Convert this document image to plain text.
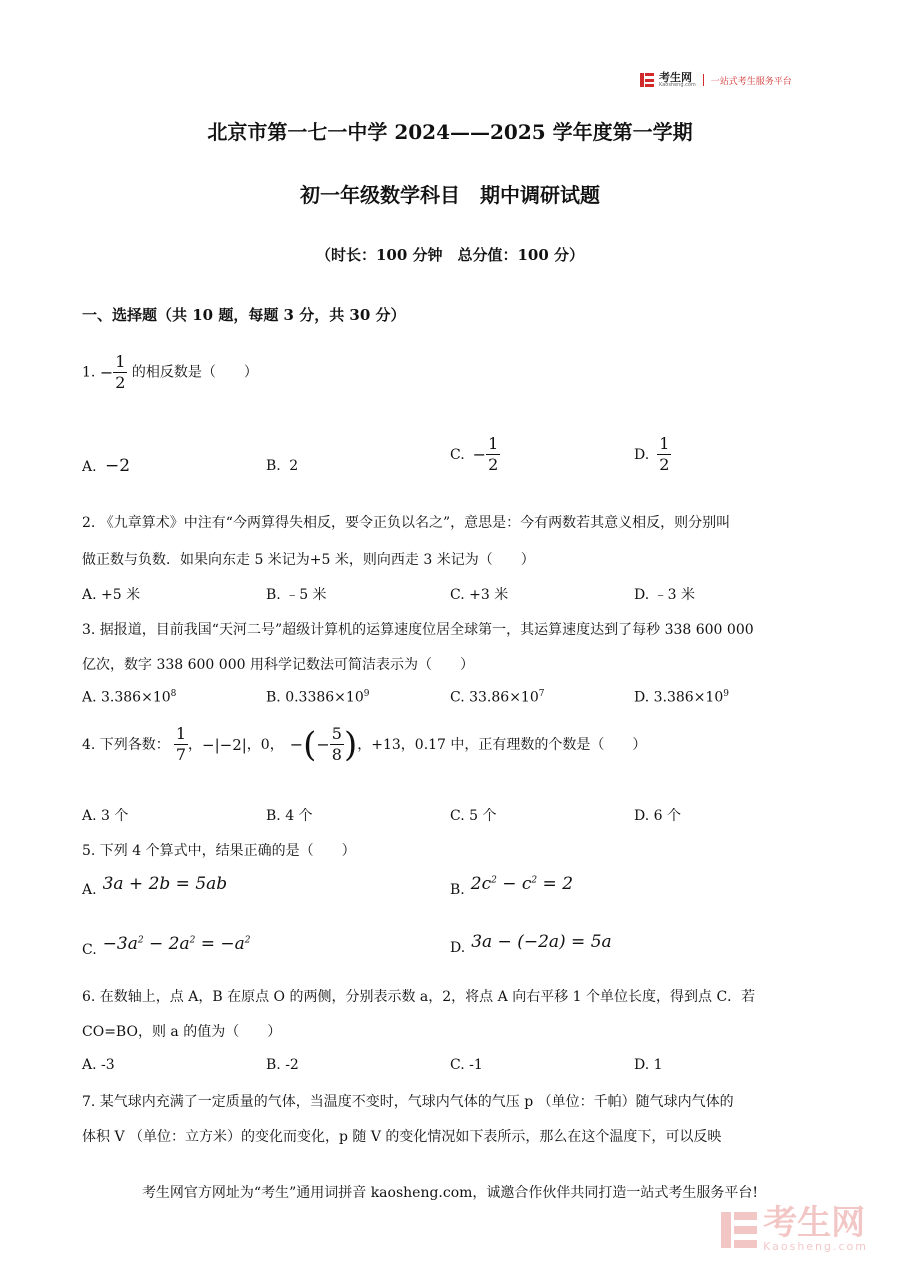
考生网
Kaosheng.com 一站式考生服务平台
北京市第一七一中学 2024——2025 学年度第一学期
初一年级数学科目　期中调研试题
（时长：100 分钟　总分值：100 分）
一、选择题（共 10 题，每题 3 分，共 30 分）
1. −
1
2
的相反数是（　　）
A. −2	B. 2
C. − $\frac{1}{2}$	D. $\frac{1}{2}$
2. 《九章算术》中注有“今两算得失相反，要令正负以名之”，意思是：今有两数若其意义相反，则分别叫
做正数与负数．如果向东走 5 米记为+5 米，则向西走 3 米记为（　　）
A. +5 米	B. ﹣5 米	C. +3 米	D. ﹣3 米
3. 据报道，目前我国“天河二号”超级计算机的运算速度位居全球第一，其运算速度达到了每秒 338 600 000
亿次，数字 338 600 000 用科学记数法可简洁表示为（　　）
A. $3.386\times 10^8$	B. $0.3386\times 10^9$	C. $33.86\times 10^7$	D. $3.386\times 10^9$
4. 下列各数： $\frac{1}{7}$ ， −|−2| ，0， − ( − $\frac{5}{8}$ ) ，+13，0.17 中，正有理数的个数是（　　）
A. 3 个	B. 4 个	C. 5 个	D. 6 个
5. 下列 4 个算式中，结果正确的是（　　）
A. 3a + 2b = 5ab	B. $2c^2 - c^2 = 2$
C. $-3a^2 - 2a^2 = -a^2$	D. 3a − (−2a) = 5a
6. 在数轴上，点 A，B 在原点 O 的两侧，分别表示数 a，2，将点 A 向右平移 1 个单位长度，得到点 C．若
CO=BO，则 a 的值为（　　）
A. -3	B. -2	C. -1	D. 1
7. 某气球内充满了一定质量的气体，当温度不变时，气球内气体的气压 p （单位：千帕）随气球内气体的
体积 V （单位：立方米）的变化而变化，p 随 V 的变化情况如下表所示，那么在这个温度下，可以反映
考生网官方网址为“考生”通用词拼音 kaosheng.com，诚邀合作伙伴共同打造一站式考生服务平台!
考生网
Kaosheng.com
